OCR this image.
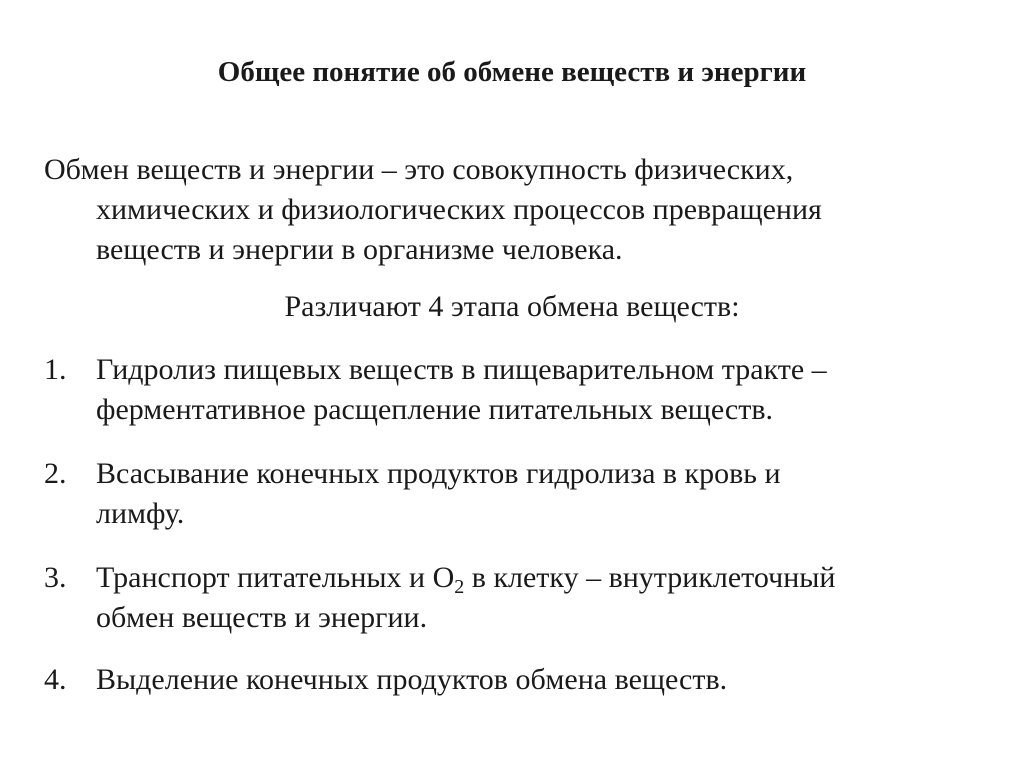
Общее понятие об обмене веществ и энергии
Обмен веществ и энергии – это совокупность физических,
химических и физиологических процессов превращения
веществ и энергии в организме человека.
Различают 4 этапа обмена веществ:
1. Гидролиз пищевых веществ в пищеварительном тракте –
ферментативное расщепление питательных веществ.
2. Всасывание конечных продуктов гидролиза в кровь и
лимфу.
3. Транспорт питательных и $О_2$ в клетку – внутриклеточный
обмен веществ и энергии.
4. Выделение конечных продуктов обмена веществ.
